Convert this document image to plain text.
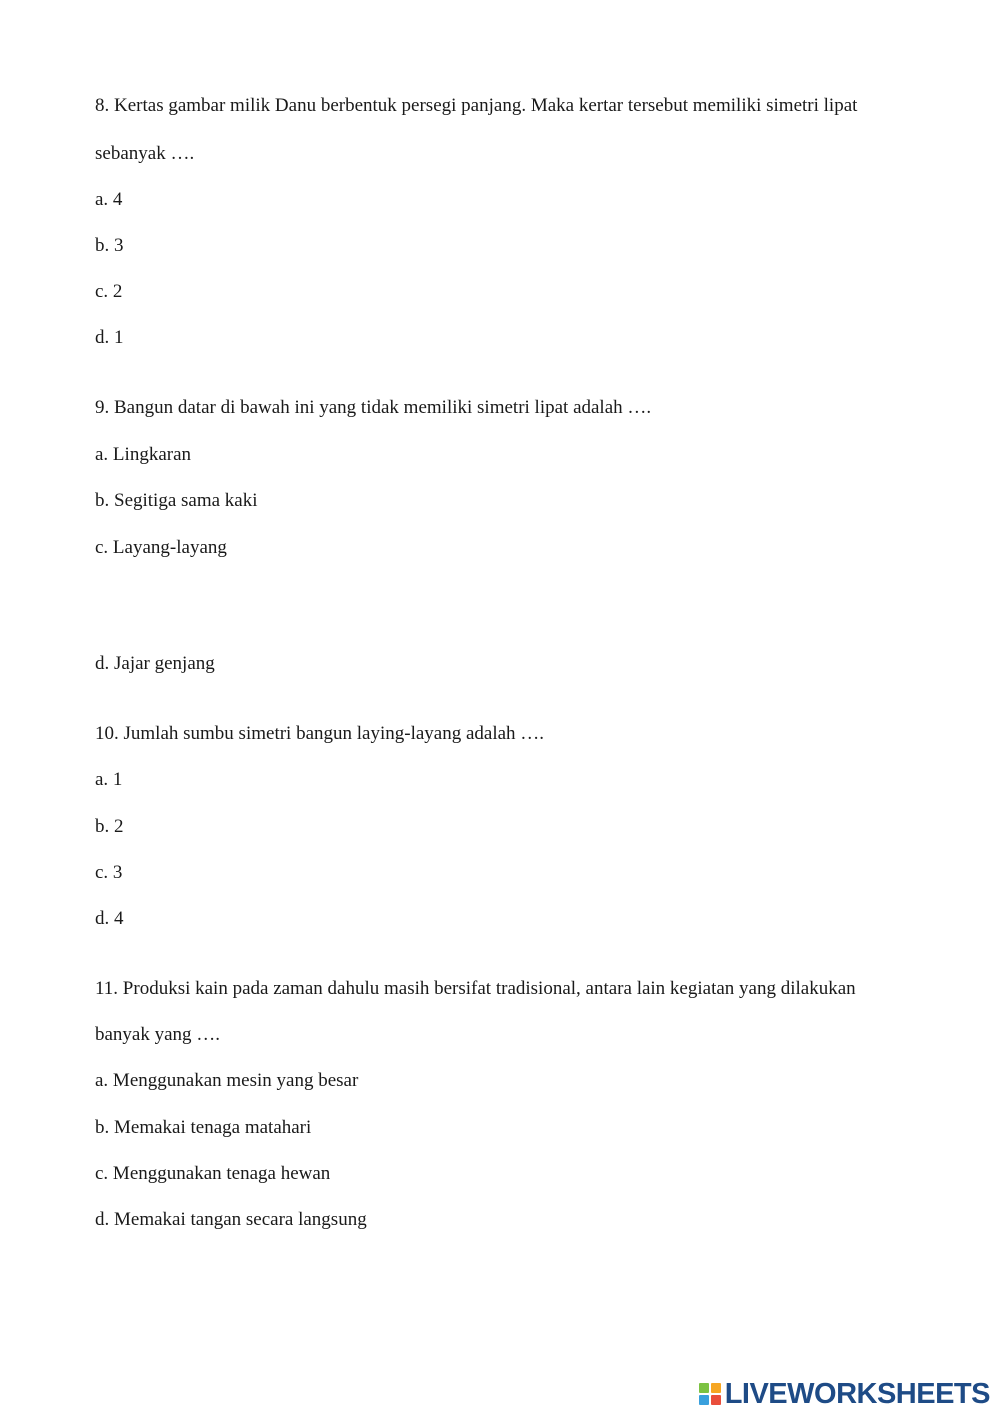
8. Kertas gambar milik Danu berbentuk persegi panjang. Maka kertar tersebut memiliki simetri lipat
sebanyak ….
a. 4
b. 3
c. 2
d. 1
9. Bangun datar di bawah ini yang tidak memiliki simetri lipat adalah ….
a. Lingkaran
b. Segitiga sama kaki
c. Layang-layang
d. Jajar genjang
10. Jumlah sumbu simetri bangun laying-layang adalah ….
a. 1
b. 2
c. 3
d. 4
11. Produksi kain pada zaman dahulu masih bersifat tradisional, antara lain kegiatan yang dilakukan
banyak yang ….
a. Menggunakan mesin yang besar
b. Memakai tenaga matahari
c. Menggunakan tenaga hewan
d. Memakai tangan secara langsung
LIVEWORKSHEETS
